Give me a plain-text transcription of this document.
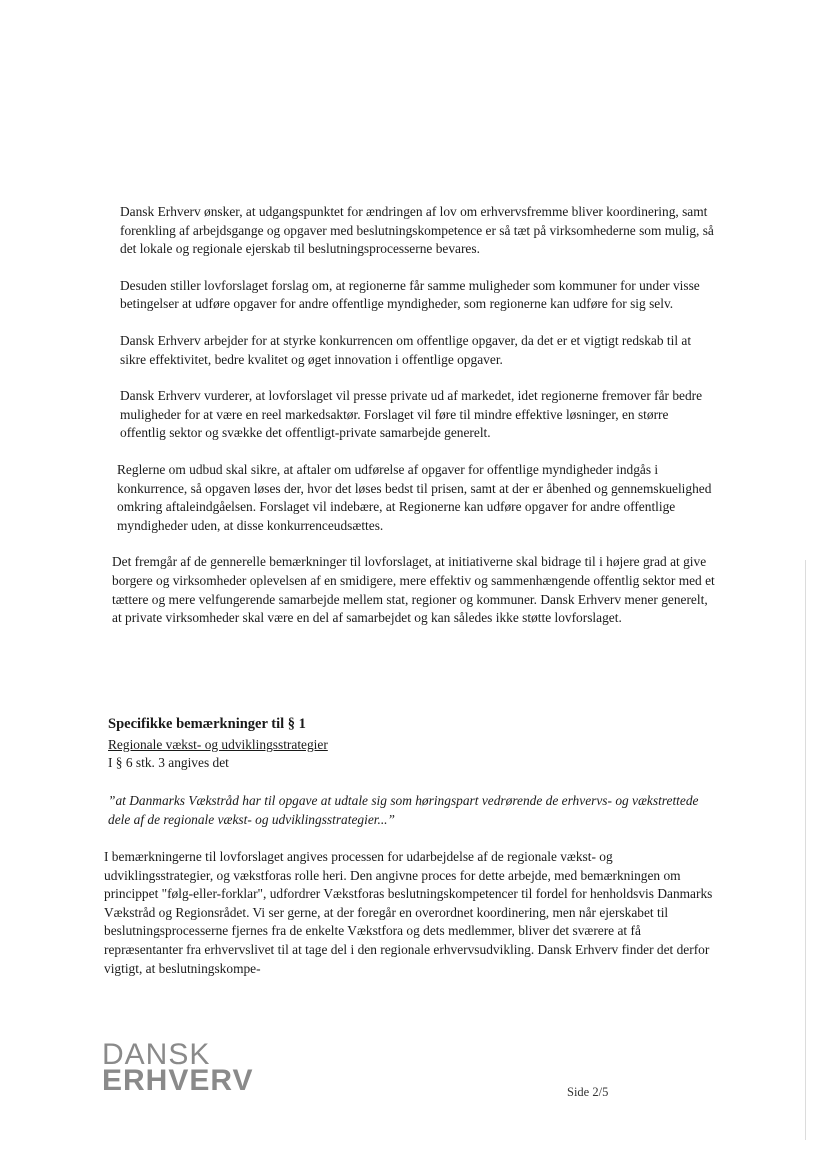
Dansk Erhverv ønsker, at udgangspunktet for ændringen af lov om erhvervsfremme bliver koordinering, samt forenkling af arbejdsgange og opgaver med beslutningskompetence er så tæt på virksomhederne som mulig, så det lokale og regionale ejerskab til beslutningsprocesserne bevares.

Desuden stiller lovforslaget forslag om, at regionerne får samme muligheder som kommuner for under visse betingelser at udføre opgaver for andre offentlige myndigheder, som regionerne kan udføre for sig selv.

Dansk Erhverv arbejder for at styrke konkurrencen om offentlige opgaver, da det er et vigtigt redskab til at sikre effektivitet, bedre kvalitet og øget innovation i offentlige opgaver.

Dansk Erhverv vurderer, at lovforslaget vil presse private ud af markedet, idet regionerne fremover får bedre muligheder for at være en reel markedsaktør. Forslaget vil føre til mindre effektive løsninger, en større offentlig sektor og svække det offentligt-private samarbejde generelt.

Reglerne om udbud skal sikre, at aftaler om udførelse af opgaver for offentlige myndigheder indgås i konkurrence, så opgaven løses der, hvor det løses bedst til prisen, samt at der er åbenhed og gennemskuelighed omkring aftaleindgåelsen. Forslaget vil indebære, at Regionerne kan udføre opgaver for andre offentlige myndigheder uden, at disse konkurrenceudsættes.

Det fremgår af de gennerelle bemærkninger til lovforslaget, at initiativerne skal bidrage til i højere grad at give borgere og virksomheder oplevelsen af en smidigere, mere effektiv og sammenhængende offentlig sektor med et tættere og mere velfungerende samarbejde mellem stat, regioner og kommuner. Dansk Erhverv mener generelt, at private virksomheder skal være en del af samarbejdet og kan således ikke støtte lovforslaget.

Specifikke bemærkninger til § 1
Regionale vækst- og udviklingsstrategier
I § 6 stk. 3 angives det
”at Danmarks Vækstråd har til opgave at udtale sig som høringspart vedrørende de erhvervs- og vækstrettede dele af de regionale vækst- og udviklingsstrategier...”
I bemærkningerne til lovforslaget angives processen for udarbejdelse af de regionale vækst- og udviklingsstrategier, og vækstforas rolle heri. Den angivne proces for dette arbejde, med bemærkningen om princippet "følg-eller-forklar", udfordrer Vækstforas beslutningskompetencer til fordel for henholdsvis Danmarks Vækstråd og Regionsrådet. Vi ser gerne, at der foregår en overordnet koordinering, men når ejerskabet til beslutningsprocesserne fjernes fra de enkelte Vækstfora og dets medlemmer, bliver det sværere at få repræsentanter fra erhvervslivet til at tage del i den regionale erhvervsudvikling. Dansk Erhverv finder det derfor vigtigt, at beslutningskompe-
DANSK
ERHVERV	Side 2/5
